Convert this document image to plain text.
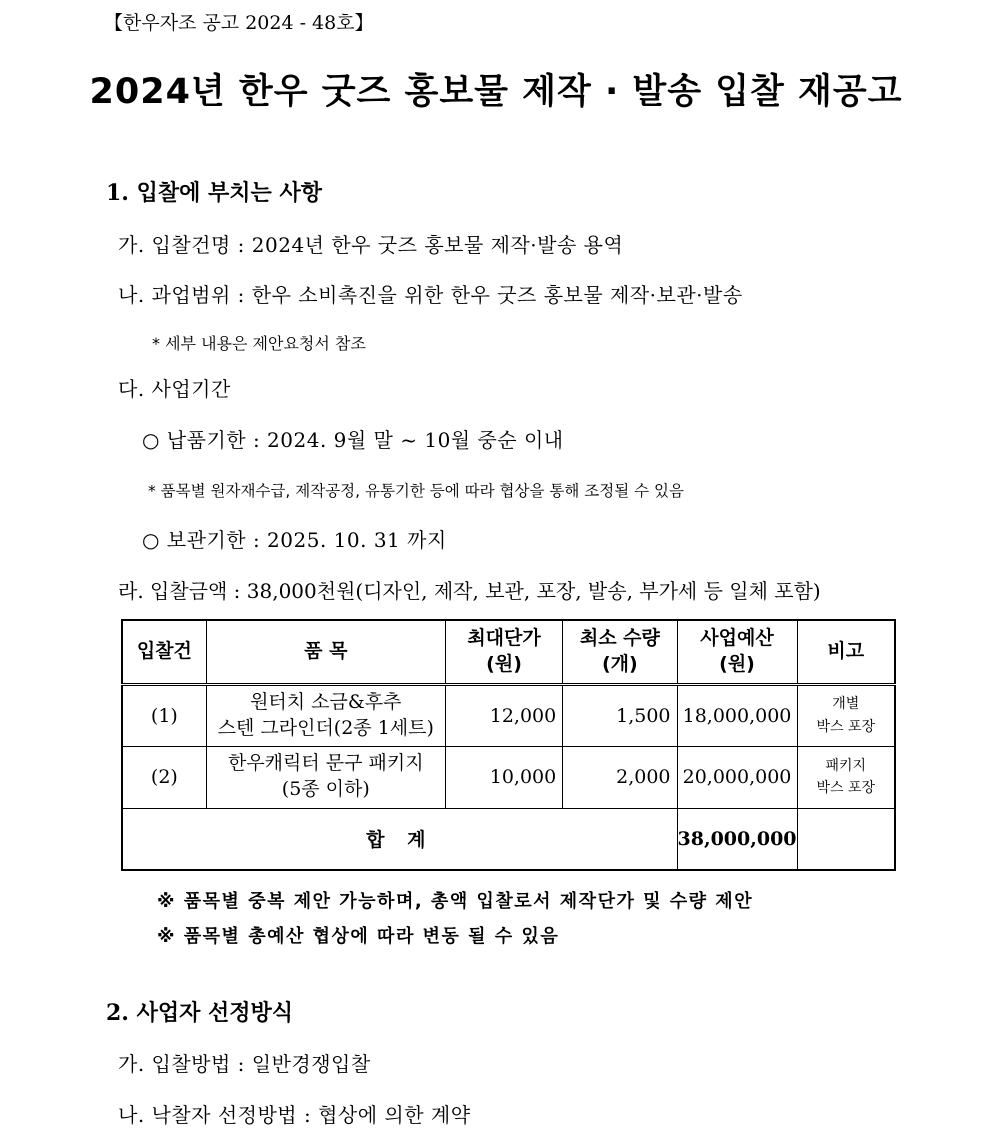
【한우자조 공고 2024 - 48호】
2024년 한우 굿즈 홍보물 제작 · 발송 입찰 재공고
1. 입찰에 부치는 사항
가. 입찰건명 : 2024년 한우 굿즈 홍보물 제작·발송 용역
나. 과업범위 : 한우 소비촉진을 위한 한우 굿즈 홍보물 제작·보관·발송
* 세부 내용은 제안요청서 참조
다. 사업기간
○ 납품기한 : 2024. 9월 말 ~ 10월 중순 이내
* 품목별 원자재수급, 제작공정, 유통기한 등에 따라 협상을 통해 조정될 수 있음
○ 보관기한 : 2025. 10. 31 까지
라. 입찰금액 : 38,000천원(디자인, 제작, 보관, 포장, 발송, 부가세 등 일체 포함)
입찰건	품 목	최대단가
(원)	최소 수량
(개)	사업예산
(원)	비고
(1)	원터치 소금&후추
스텐 그라인더(2종 1세트)	12,000	1,500	18,000,000	개별
박스 포장

(2)	한우캐릭터 문구 패키지
(5종 이하)	10,000	2,000	20,000,000	패키지
박스 포장

합 계				38,000,000	
※ 품목별 중복 제안 가능하며, 총액 입찰로서 제작단가 및 수량 제안
※ 품목별 총예산 협상에 따라 변동 될 수 있음
2. 사업자 선정방식
가. 입찰방법 : 일반경쟁입찰
나. 낙찰자 선정방법 : 협상에 의한 계약
